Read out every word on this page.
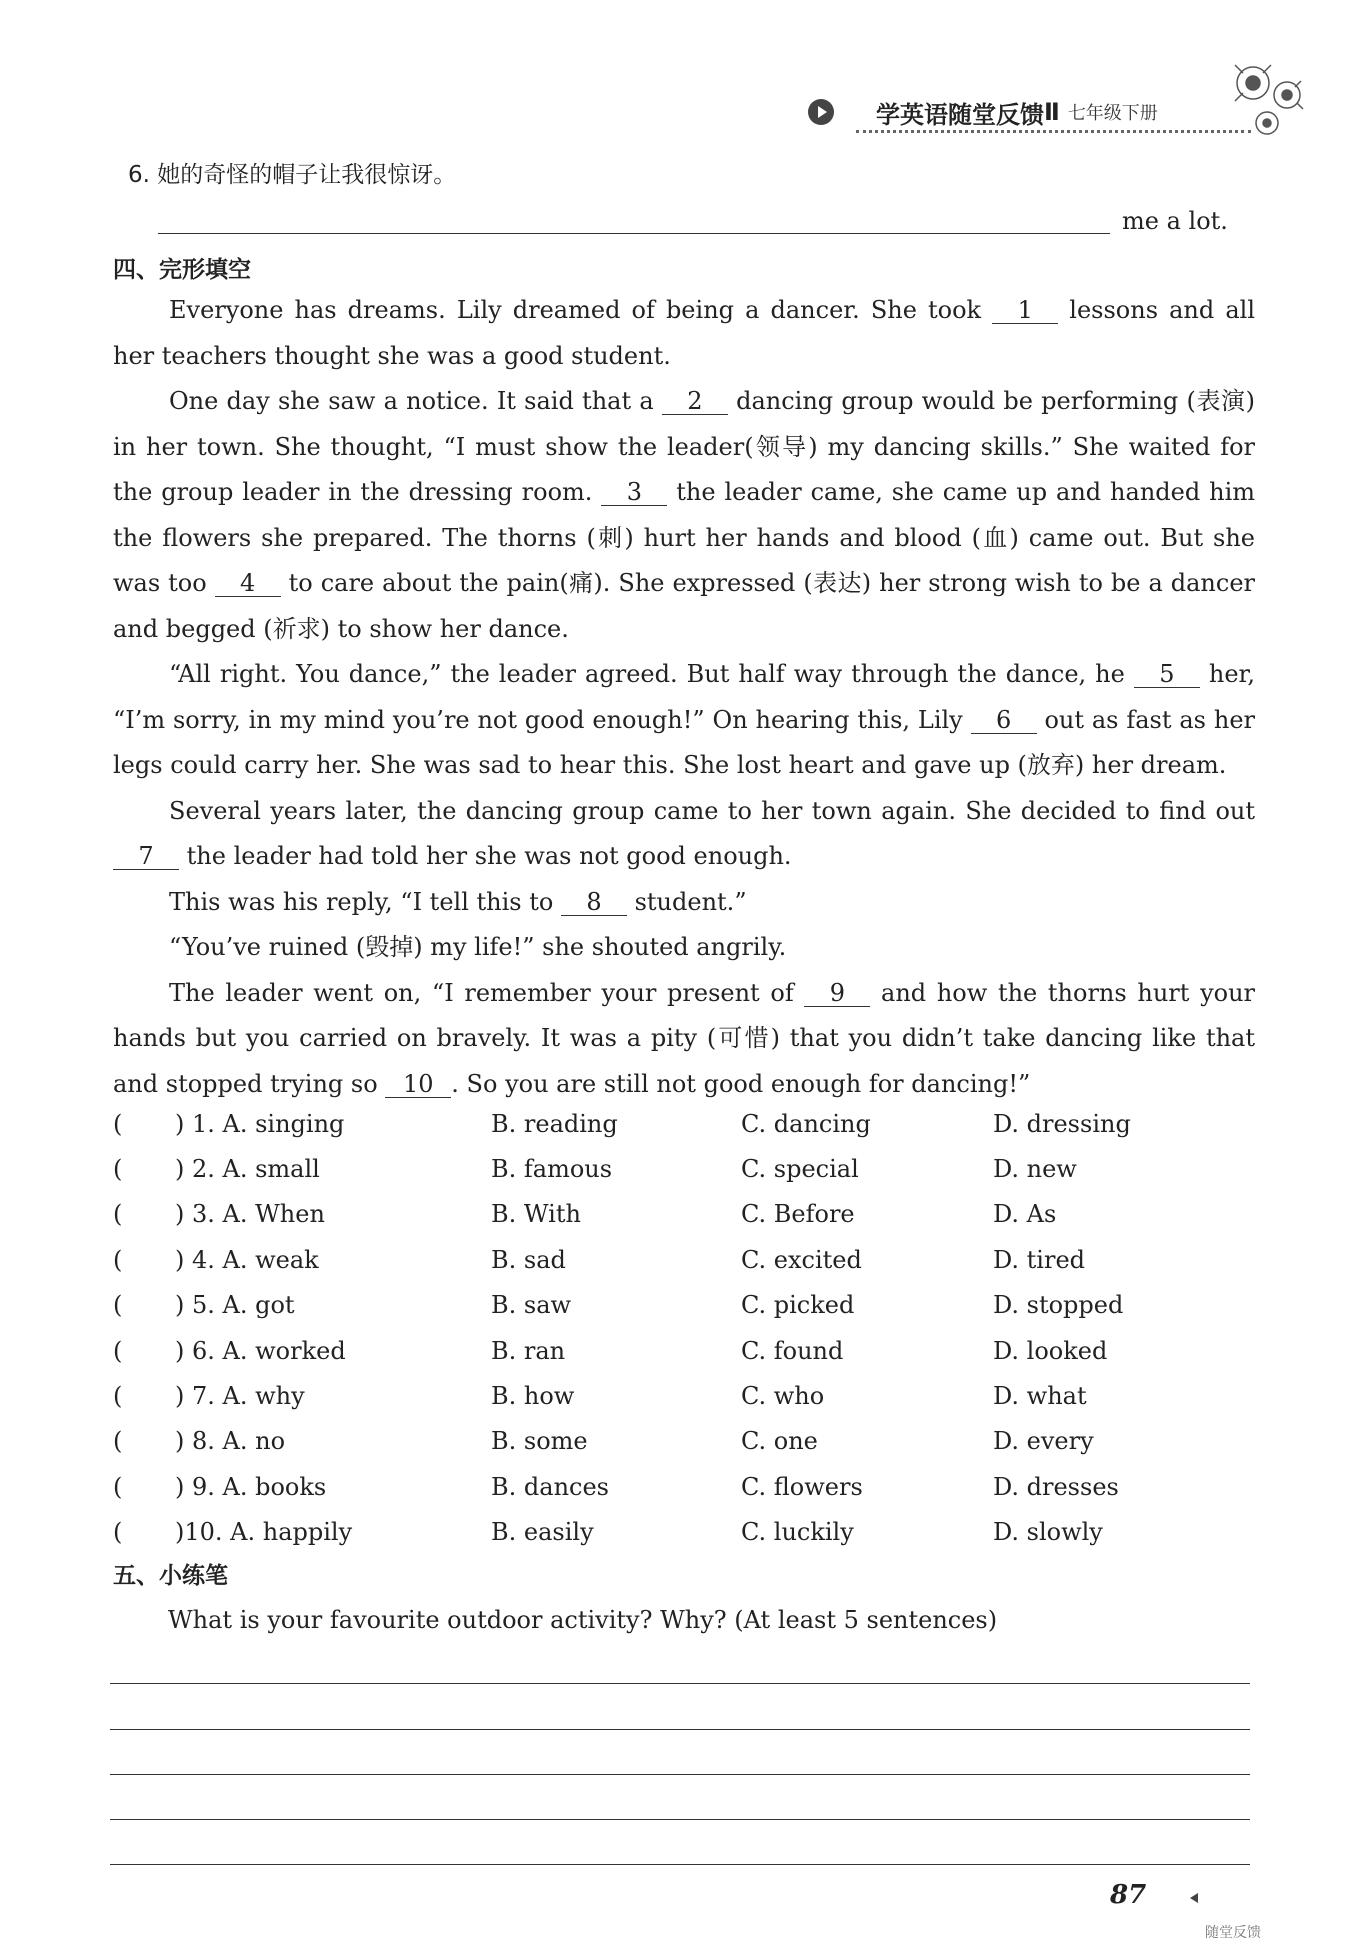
学英语随堂反馈 Ⅱ 七年级下册
6. 她的奇怪的帽子让我很惊讶。
me a lot.
四、完形填空

Everyone has dreams. Lily dreamed of being a dancer. She took 1 lessons and all her teachers thought she was a good student.

One day she saw a notice. It said that a 2 dancing group would be performing (表演) in her town. She thought, “I must show the leader(领导) my dancing skills.” She waited for the group leader in the dressing room. 3 the leader came, she came up and handed him the flowers she prepared. The thorns (刺) hurt her hands and blood (血) came out. But she was too 4 to care about the pain(痛). She expressed (表达) her strong wish to be a dancer and begged (祈求) to show her dance.

“All right. You dance,” the leader agreed. But half way through the dance, he 5 her, “I’m sorry, in my mind you’re not good enough!” On hearing this, Lily 6 out as fast as her legs could carry her. She was sad to hear this. She lost heart and gave up (放弃) her dream.

Several years later, the dancing group came to her town again. She decided to find out 7 the leader had told her she was not good enough.

This was his reply, “I tell this to 8 student.”

“You’ve ruined (毁掉) my life!” she shouted angrily.

The leader went on, “I remember your present of 9 and how the thorns hurt your hands but you carried on bravely. It was a pity (可惜) that you didn’t take dancing like that and stopped trying so 10 . So you are still not good enough for dancing!”

( ) 1. A. singing	B. reading	C. dancing	D. dressing
( ) 2. A. small	B. famous	C. special	D. new
( ) 3. A. When	B. With	C. Before	D. As
( ) 4. A. weak	B. sad	C. excited	D. tired
( ) 5. A. got	B. saw	C. picked	D. stopped
( ) 6. A. worked	B. ran	C. found	D. looked
( ) 7. A. why	B. how	C. who	D. what
( ) 8. A. no	B. some	C. one	D. every
( ) 9. A. books	B. dances	C. flowers	D. dresses
( )10. A. happily	B. easily	C. luckily	D. slowly
五、小练笔
What is your favourite outdoor activity? Why? (At least 5 sentences)
87
随堂反馈
